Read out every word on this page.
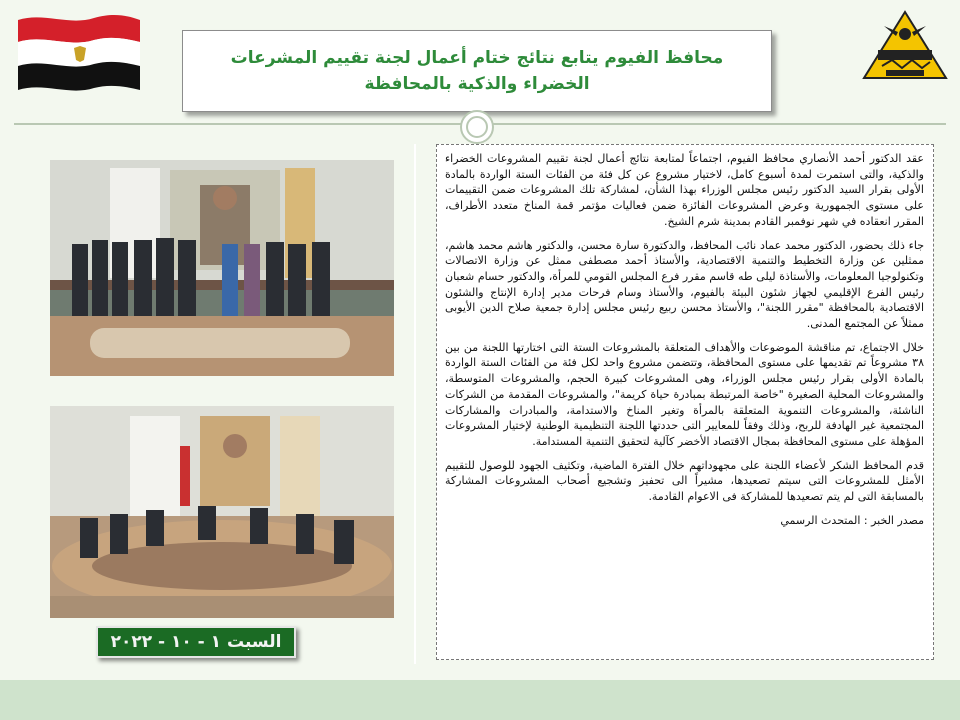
محافظ الفيوم يتابع نتائج ختام أعمال لجنة تقييم المشرعات الخضراء والذكية بالمحافظة
السبت ١ - ١٠ - ٢٠٢٢

عقد الدكتور أحمد الأنصاري محافظ الفيوم، اجتماعاً لمتابعة نتائج أعمال لجنة تقييم المشروعات الخضراء والذكية، والتى استمرت لمدة أسبوع كامل، لاختيار مشروع عن كل فئة من الفئات الستة الواردة بالمادة الأولى بقرار السيد الدكتور رئيس مجلس الوزراء بهذا الشأن، لمشاركة تلك المشروعات ضمن التقييمات على مستوى الجمهورية وعرض المشروعات الفائزة ضمن فعاليات مؤتمر قمة المناخ متعدد الأطراف، المقرر انعقاده في شهر نوفمبر القادم بمدينة شرم الشيخ.

جاء ذلك بحضور، الدكتور محمد عماد نائب المحافظ، والدكتورة سارة محسن، والدكتور هاشم محمد هاشم، ممثلين عن وزارة التخطيط والتنمية الاقتصادية، والأستاذ أحمد مصطفى ممثل عن وزارة الاتصالات وتكنولوجيا المعلومات، والأستاذة ليلى طه قاسم مقرر فرع المجلس القومي للمرأة، والدكتور حسام شعبان رئيس الفرع الإقليمي لجهاز شئون البيئة بالفيوم، والأستاذ وسام فرحات مدير إدارة الإنتاج والشئون الاقتصادية بالمحافظة "مقرر اللجنة"، والأستاذ محسن ربيع رئيس مجلس إدارة جمعية صلاح الدين الأيوبى ممثلاً عن المجتمع المدنى.

خلال الاجتماع، تم مناقشة الموضوعات والأهداف المتعلقة بالمشروعات الستة التى اختارتها اللجنة من بين ٣٨ مشروعاً تم تقديمها على مستوى المحافظة، وتتضمن مشروع واحد لكل فئة من الفئات الستة الواردة بالمادة الأولى بقرار رئيس مجلس الوزراء، وهى المشروعات كبيرة الحجم، والمشروعات المتوسطة، والمشروعات المحلية الصغيرة "خاصة المرتبطة بمبادرة حياة كريمة"، والمشروعات المقدمة من الشركات الناشئة، والمشروعات التنموية المتعلقة بالمرأة وتغير المناخ والاستدامة، والمبادرات والمشاركات المجتمعية غير الهادفة للربح، وذلك وفقاً للمعايير التى حددتها اللجنة التنظيمية الوطنية لإختيار المشروعات المؤهلة على مستوى المحافظة بمجال الاقتصاد الأخضر كآلية لتحقيق التنمية المستدامة.

قدم المحافظ الشكر لأعضاء اللجنة على مجهوداتهم خلال الفترة الماضية، وتكثيف الجهود للوصول للتقييم الأمثل للمشروعات التى سيتم تصعيدها، مشيراً الى تحفيز وتشجيع أصحاب المشروعات المشاركة بالمسابقة التى لم يتم تصعيدها للمشاركة فى الاعوام القادمة.

مصدر الخبر : المتحدث الرسمي
